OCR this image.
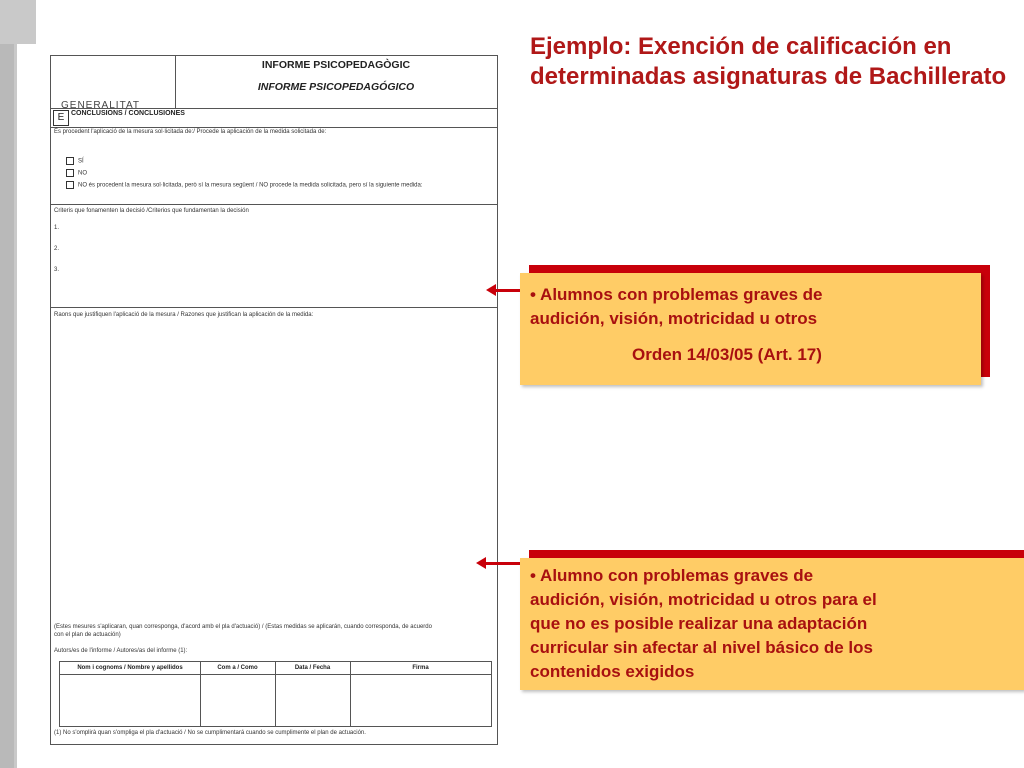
GENERALITAT
INFORME PSICOPEDAGÒGIC
INFORME PSICOPEDAGÓGICO
E CONCLUSIONS / CONCLUSIONES
És procedent l'aplicació de la mesura sol·licitada de:/ Procede la aplicación de la medida solicitada de:
SÍ
NO
NO és procedent la mesura sol·licitada, però sí la mesura següent / NO procede la medida solicitada, pero sí la siguiente medida:
Criteris que fonamenten la decisió /Criterios que fundamentan la decisión
1.
2.
3.
Raons que justifiquen l'aplicació de la mesura / Razones que justifican la aplicación de la medida:
(Estes mesures s'aplicaran, quan corresponga, d'acord amb el pla d'actuació) / (Estas medidas se aplicarán, cuando corresponda, de acuerdo
con el plan de actuación)
Autors/es de l'informe / Autores/as del informe (1):
Nom i cognoms / Nombre y apellidos	Com a / Como	Data / Fecha	Firma
(1) No s'omplirà quan s'ompliga el pla d'actuació / No se cumplimentará cuando se cumplimente el plan de actuación.
Ejemplo: Exención de calificación en determinadas asignaturas de Bachillerato
• Alumnos con problemas graves de
audición, visión, motricidad u otros
Orden 14/03/05 (Art. 17)
• Alumno con problemas graves de
audición, visión, motricidad u otros para el
que no es posible realizar una adaptación
curricular sin afectar al nivel básico de los
contenidos exigidos
